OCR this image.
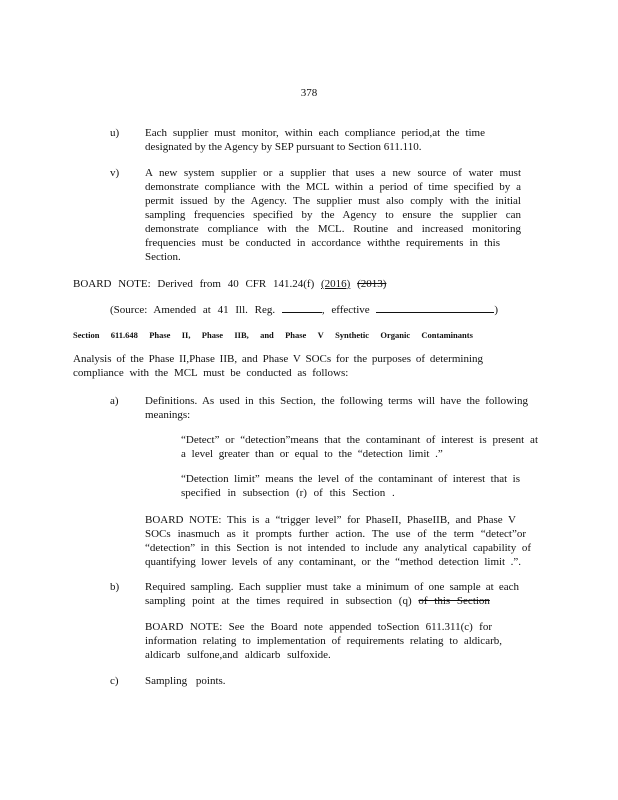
378
u)	Each supplier must monitor, within each compliance period,at the time
designated by the Agency by SEP pursuant to Section 611.110.
v)	A new system supplier or a supplier that uses a new source of water must
demonstrate compliance with the MCL within a period of time specified by a
permit issued by the Agency. The supplier must also comply with the initial
sampling frequencies specified by the Agency to ensure the supplier can
demonstrate compliance with the MCL. Routine and increased monitoring
frequencies must be conducted in accordance withthe requirements in this
Section.
BOARD NOTE: Derived from 40 CFR 141.24(f) (2016) (2013)
(Source: Amended at 41 Ill. Reg.	, effective	)
Section 611.648 Phase II, Phase IIB, and Phase V Synthetic Organic Contaminants
Analysis of the Phase II,Phase IIB, and Phase V SOCs for the purposes of determining
compliance with the MCL must be conducted as follows:
a)	Definitions. As used in this Section, the following terms will have the following
meanings:
“Detect” or “detection”means that the contaminant of interest is present at
a level greater than or equal to the “detection limit .”
“Detection limit” means the level of the contaminant of interest that is
specified in subsection (r) of this Section .
BOARD NOTE: This is a “trigger level” for PhaseII, PhaseIIB, and Phase V
SOCs inasmuch as it prompts further action. The use of the term “detect”or
“detection” in this Section is not intended to include any analytical capability of
quantifying lower levels of any contaminant, or the “method detection limit .”.
b)	Required sampling. Each supplier must take a minimum of one sample at each
sampling point at the times required in subsection (q) of this Section
BOARD NOTE: See the Board note appended toSection 611.311(c) for
information relating to implementation of requirements relating to aldicarb,
aldicarb sulfone,and aldicarb sulfoxide.
c)	Sampling points.
